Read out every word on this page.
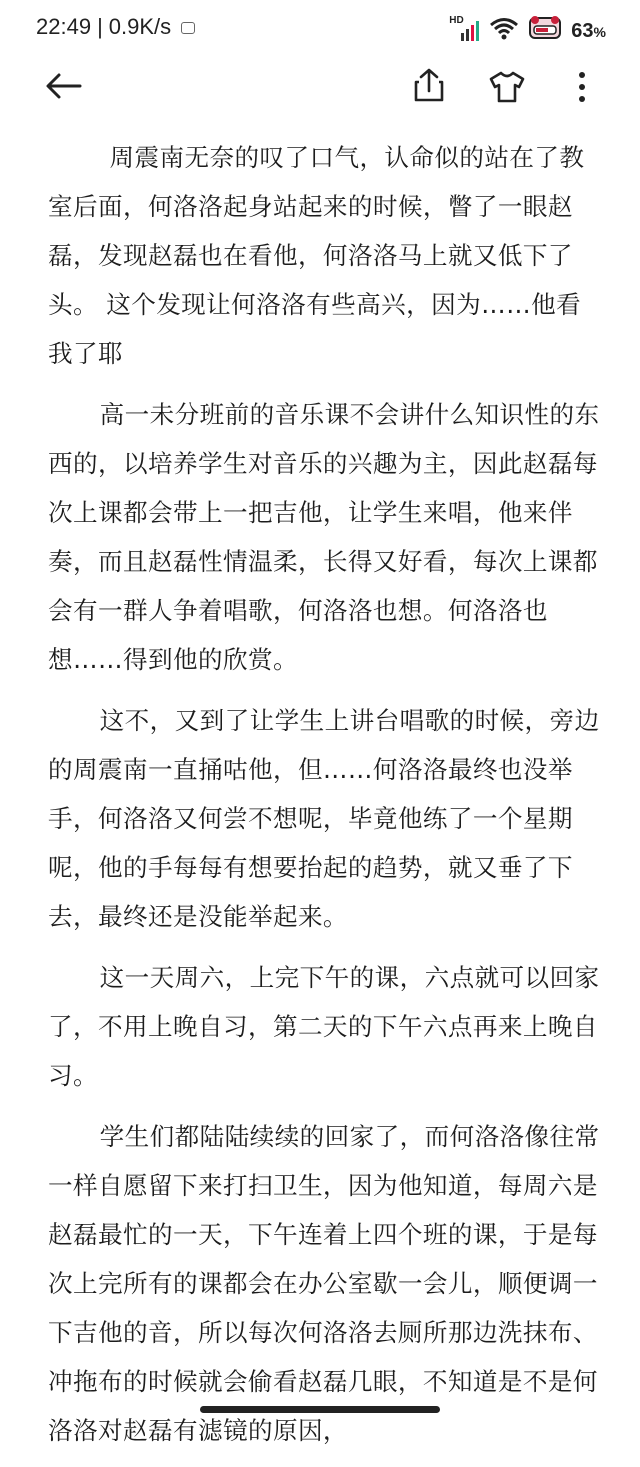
22:49 | 0.9K/s	HD	63%

周震南无奈的叹了口气，认命似的站在了教室后面，何洛洛起身站起来的时候，瞥了一眼赵磊，发现赵磊也在看他，何洛洛马上就又低下了头。 这个发现让何洛洛有些高兴，因为……他看我了耶

高一未分班前的音乐课不会讲什么知识性的东西的，以培养学生对音乐的兴趣为主，因此赵磊每次上课都会带上一把吉他，让学生来唱，他来伴奏，而且赵磊性情温柔，长得又好看，每次上课都会有一群人争着唱歌，何洛洛也想。何洛洛也想……得到他的欣赏。

这不，又到了让学生上讲台唱歌的时候，旁边的周震南一直捅咕他，但……何洛洛最终也没举手，何洛洛又何尝不想呢，毕竟他练了一个星期呢，他的手每每有想要抬起的趋势，就又垂了下去，最终还是没能举起来。

这一天周六，上完下午的课，六点就可以回家了，不用上晚自习，第二天的下午六点再来上晚自习。

学生们都陆陆续续的回家了，而何洛洛像往常一样自愿留下来打扫卫生，因为他知道，每周六是赵磊最忙的一天，下午连着上四个班的课，于是每次上完所有的课都会在办公室歇一会儿，顺便调一下吉他的音，所以每次何洛洛去厕所那边洗抹布、冲拖布的时候就会偷看赵磊几眼，不知道是不是何洛洛对赵磊有滤镜的原因，
